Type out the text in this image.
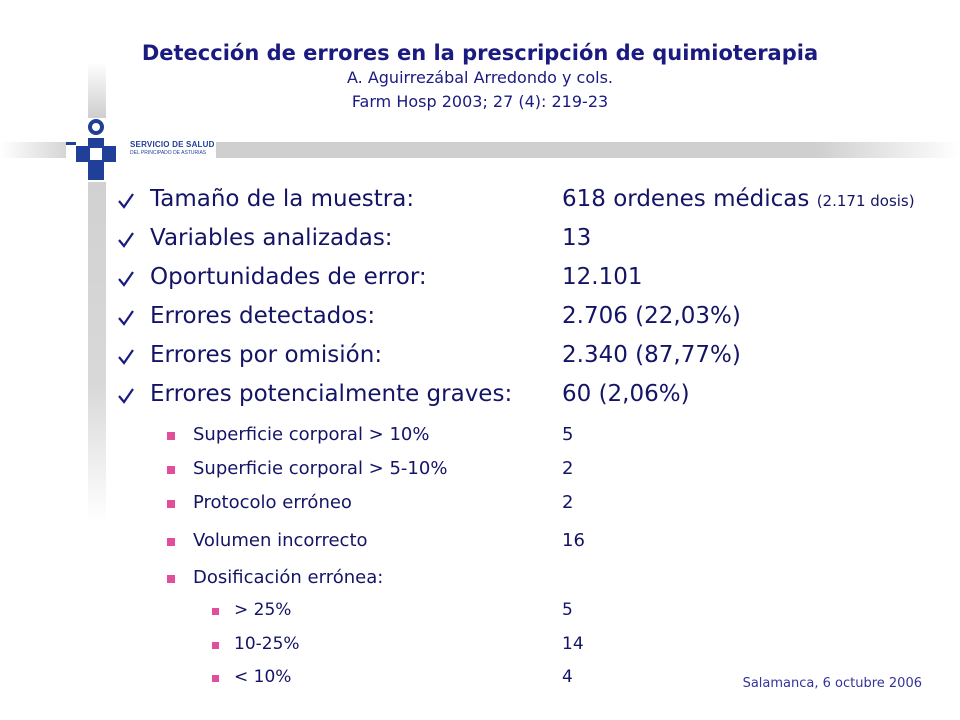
SERVICIO DE SALUD
DEL PRINCIPADO DE ASTURIAS
Detección de errores en la prescripción de quimioterapia
A. Aguirrezábal Arredondo y cols.
Farm Hosp 2003; 27 (4): 219-23
Tamaño de la muestra:	618 ordenes médicas (2.171 dosis)
Variables analizadas:	13
Oportunidades de error:	12.101
Errores detectados:	2.706 (22,03%)
Errores por omisión:	2.340 (87,77%)
Errores potencialmente graves: 60 (2,06%)
Superficie corporal > 10%	5
Superficie corporal > 5-10%	2
Protocolo erróneo	2
Volumen incorrecto	16
Dosificación errónea:
> 25%	5
10-25%	14
< 10%	4	Salamanca, 6 octubre 2006
